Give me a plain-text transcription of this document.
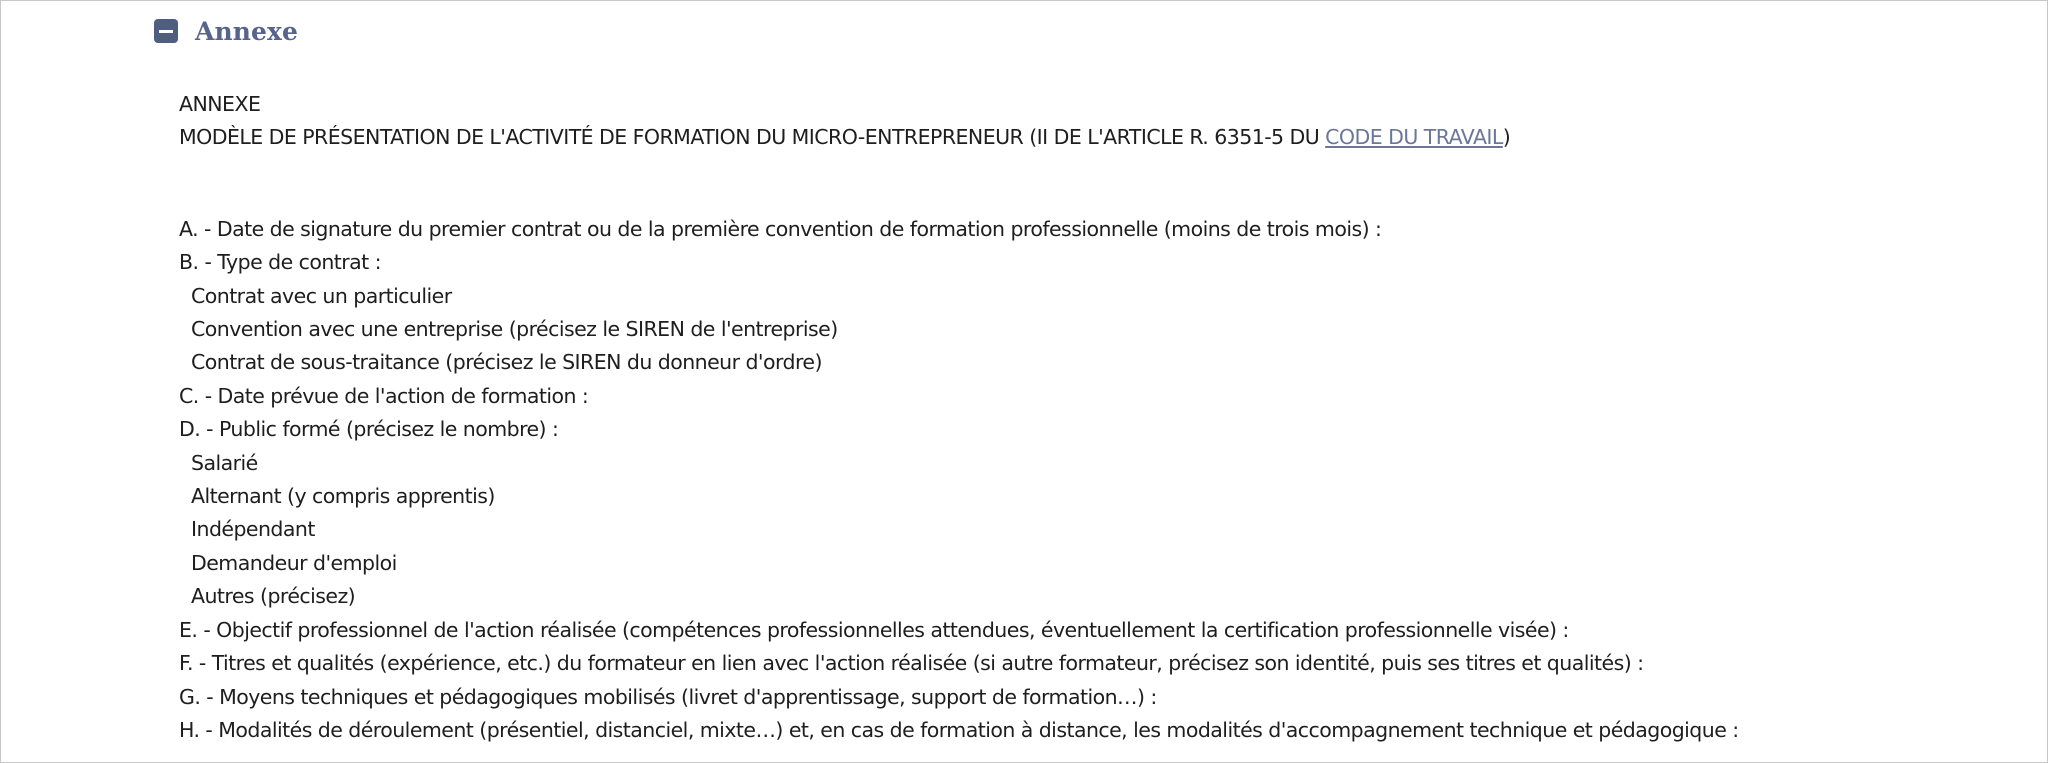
Annexe

ANNEXE

MODÈLE DE PRÉSENTATION DE L'ACTIVITÉ DE FORMATION DU MICRO-ENTREPRENEUR (II DE L'ARTICLE R. 6351-5 DU CODE DU TRAVAIL)

A. - Date de signature du premier contrat ou de la première convention de formation professionnelle (moins de trois mois) :

B. - Type de contrat :

Contrat avec un particulier

Convention avec une entreprise (précisez le SIREN de l'entreprise)

Contrat de sous-traitance (précisez le SIREN du donneur d'ordre)

C. - Date prévue de l'action de formation :

D. - Public formé (précisez le nombre) :

Salarié

Alternant (y compris apprentis)

Indépendant

Demandeur d'emploi

Autres (précisez)

E. - Objectif professionnel de l'action réalisée (compétences professionnelles attendues, éventuellement la certification professionnelle visée) :

F. - Titres et qualités (expérience, etc.) du formateur en lien avec l'action réalisée (si autre formateur, précisez son identité, puis ses titres et qualités) :

G. - Moyens techniques et pédagogiques mobilisés (livret d'apprentissage, support de formation…) :

H. - Modalités de déroulement (présentiel, distanciel, mixte…) et, en cas de formation à distance, les modalités d'accompagnement technique et pédagogique :
